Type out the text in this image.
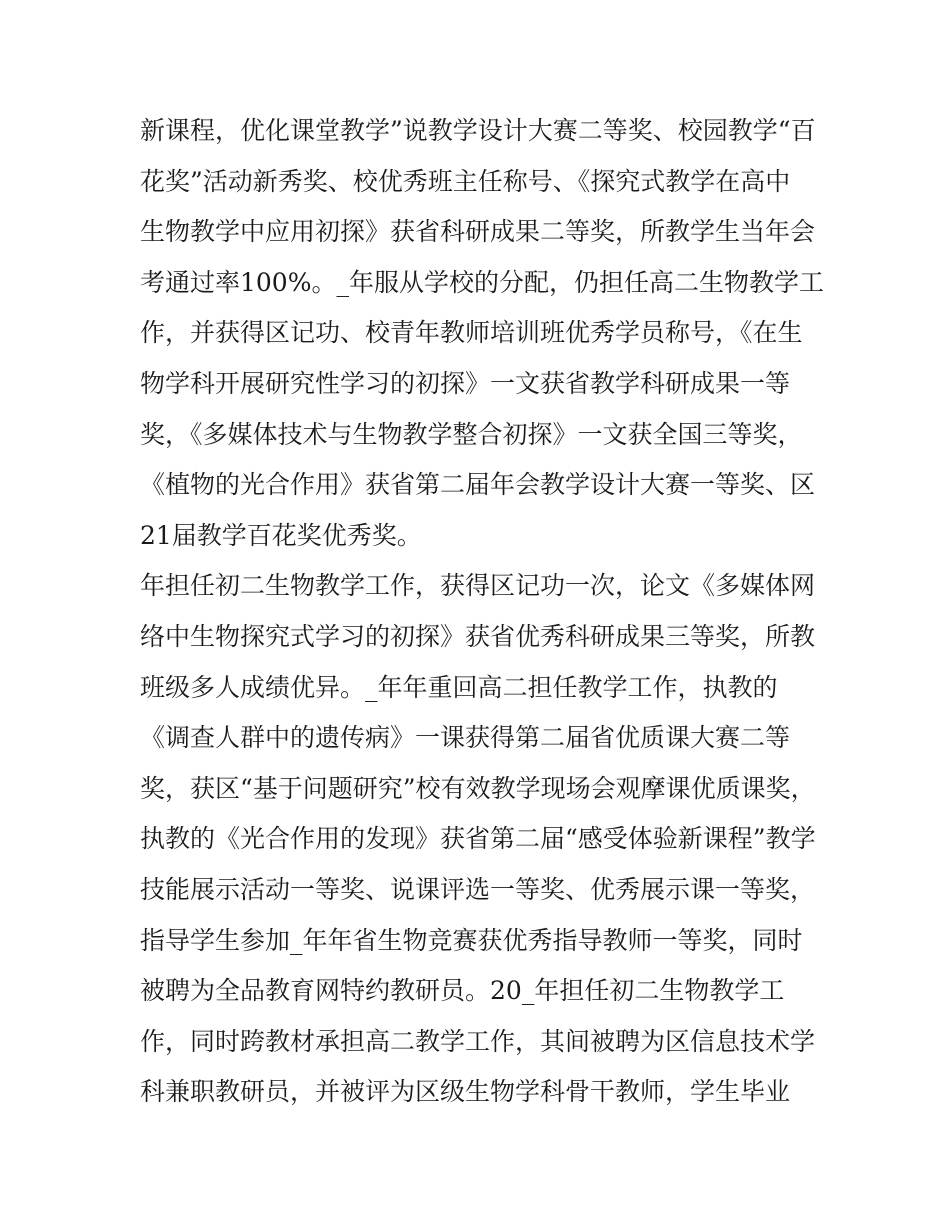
新课程，优化课堂教学”说教学设计大赛二等奖、校园教学“百
花奖”活动新秀奖、校优秀班主任称号、《探究式教学在高中
生物教学中应用初探》获省科研成果二等奖，所教学生当年会
考通过率100%。_年服从学校的分配，仍担任高二生物教学工
作，并获得区记功、校青年教师培训班优秀学员称号，《在生
物学科开展研究性学习的初探》一文获省教学科研成果一等
奖，《多媒体技术与生物教学整合初探》一文获全国三等奖，
《植物的光合作用》获省第二届年会教学设计大赛一等奖、区
21届教学百花奖优秀奖。
年担任初二生物教学工作，获得区记功一次，论文《多媒体网
络中生物探究式学习的初探》获省优秀科研成果三等奖，所教
班级多人成绩优异。_年年重回高二担任教学工作，执教的
《调查人群中的遗传病》一课获得第二届省优质课大赛二等
奖，获区“基于问题研究”校有效教学现场会观摩课优质课奖，
执教的《光合作用的发现》获省第二届“感受体验新课程”教学
技能展示活动一等奖、说课评选一等奖、优秀展示课一等奖，
指导学生参加_年年省生物竞赛获优秀指导教师一等奖，同时
被聘为全品教育网特约教研员。20_年担任初二生物教学工
作，同时跨教材承担高二教学工作，其间被聘为区信息技术学
科兼职教研员，并被评为区级生物学科骨干教师，学生毕业
